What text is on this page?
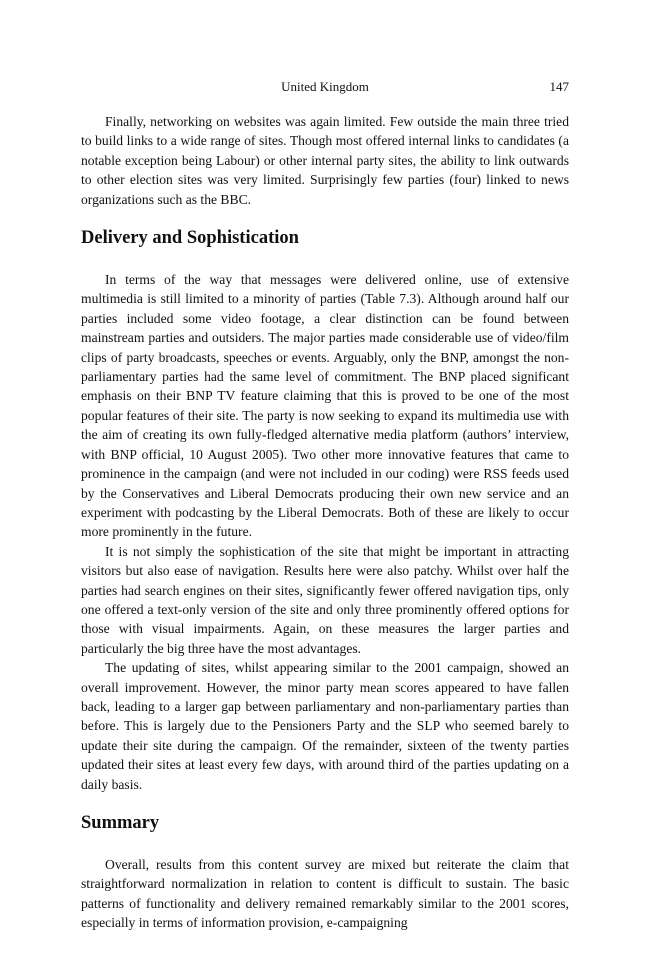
United Kingdom	147

Finally, networking on websites was again limited. Few outside the main three tried to build links to a wide range of sites. Though most offered internal links to candidates (a notable exception being Labour) or other internal party sites, the ability to link outwards to other election sites was very limited. Surprisingly few parties (four) linked to news organizations such as the BBC.

Delivery and Sophistication

In terms of the way that messages were delivered online, use of extensive multimedia is still limited to a minority of parties (Table 7.3). Although around half our parties included some video footage, a clear distinction can be found between mainstream parties and outsiders. The major parties made considerable use of video/film clips of party broadcasts, speeches or events. Arguably, only the BNP, amongst the non-parliamentary parties had the same level of commitment. The BNP placed significant emphasis on their BNP TV feature claiming that this is proved to be one of the most popular features of their site. The party is now seeking to expand its multimedia use with the aim of creating its own fully-fledged alternative media platform (authors’ interview, with BNP official, 10 August 2005). Two other more innovative features that came to prominence in the campaign (and were not included in our coding) were RSS feeds used by the Conservatives and Liberal Democrats producing their own new service and an experiment with podcasting by the Liberal Democrats. Both of these are likely to occur more prominently in the future.

It is not simply the sophistication of the site that might be important in attracting visitors but also ease of navigation. Results here were also patchy. Whilst over half the parties had search engines on their sites, significantly fewer offered navigation tips, only one offered a text-only version of the site and only three prominently offered options for those with visual impairments. Again, on these measures the larger parties and particularly the big three have the most advantages.

The updating of sites, whilst appearing similar to the 2001 campaign, showed an overall improvement. However, the minor party mean scores appeared to have fallen back, leading to a larger gap between parliamentary and non-parliamentary parties than before. This is largely due to the Pensioners Party and the SLP who seemed barely to update their site during the campaign. Of the remainder, sixteen of the twenty parties updated their sites at least every few days, with around third of the parties updating on a daily basis.

Summary

Overall, results from this content survey are mixed but reiterate the claim that straightforward normalization in relation to content is difficult to sustain. The basic patterns of functionality and delivery remained remarkably similar to the 2001 scores, especially in terms of information provision, e-campaigning
